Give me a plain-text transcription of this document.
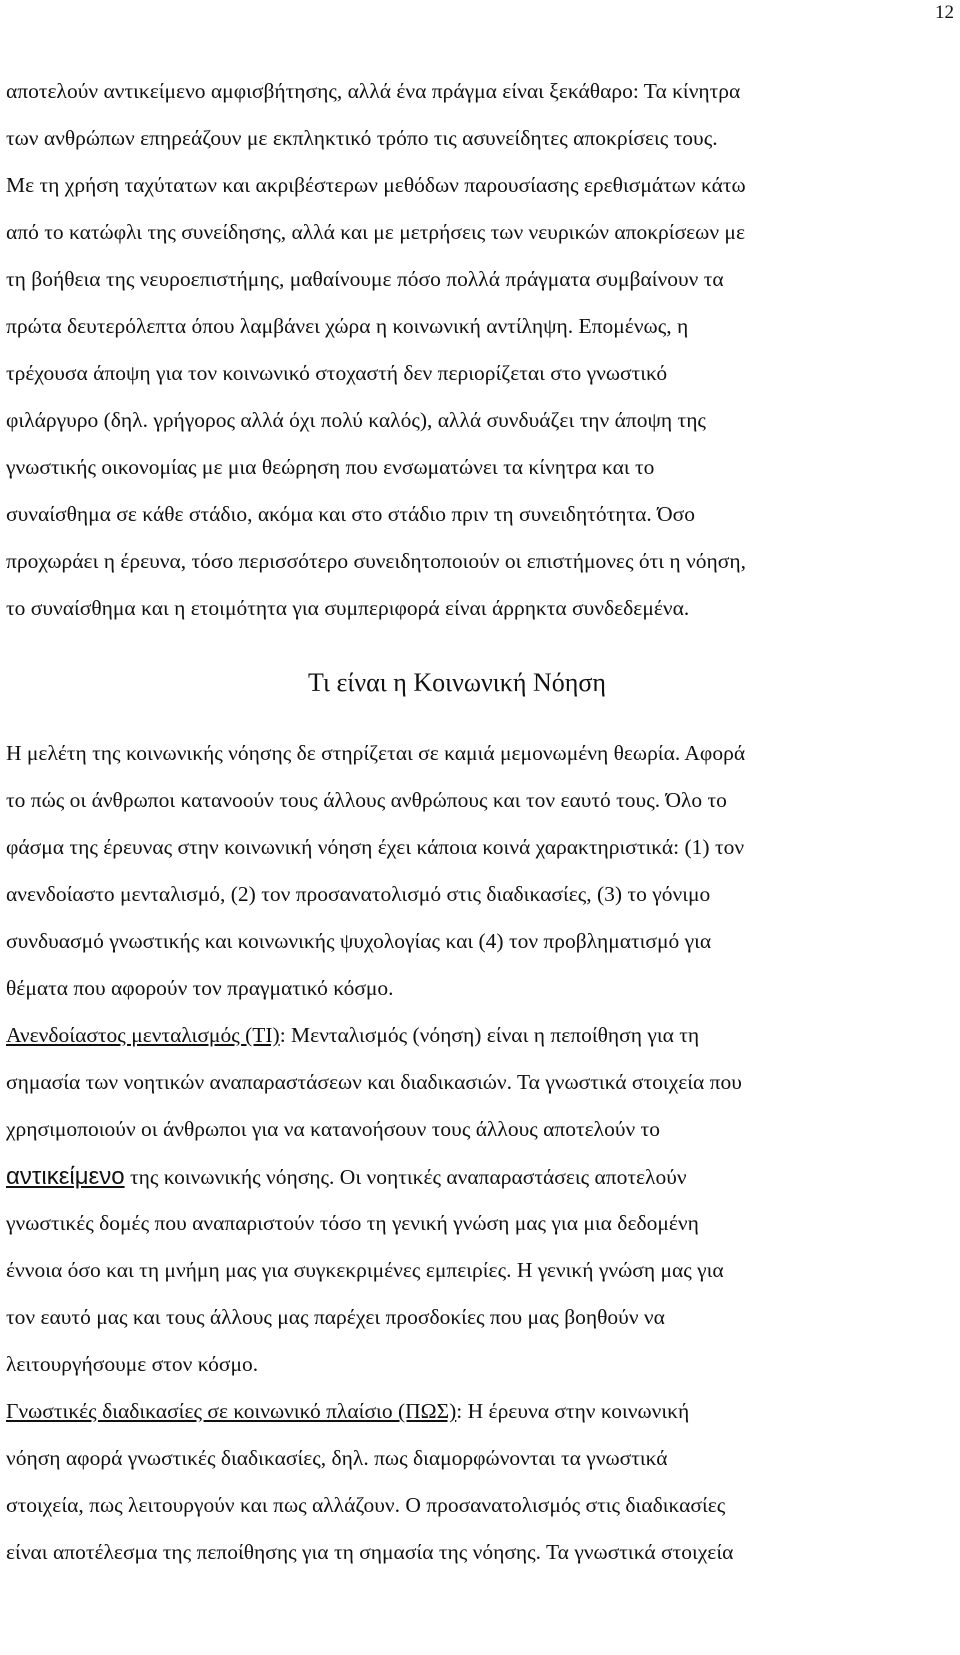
12
αποτελούν αντικείμενο αμφισβήτησης, αλλά ένα πράγμα είναι ξεκάθαρο: Τα κίνητρα
των ανθρώπων επηρεάζουν με εκπληκτικό τρόπο τις ασυνείδητες αποκρίσεις τους.
Με τη χρήση ταχύτατων και ακριβέστερων μεθόδων παρουσίασης ερεθισμάτων κάτω
από το κατώφλι της συνείδησης, αλλά και με μετρήσεις των νευρικών αποκρίσεων με
τη βοήθεια της νευροεπιστήμης, μαθαίνουμε πόσο πολλά πράγματα συμβαίνουν τα
πρώτα δευτερόλεπτα όπου λαμβάνει χώρα η κοινωνική αντίληψη. Επομένως, η
τρέχουσα άποψη για τον κοινωνικό στοχαστή δεν περιορίζεται στο γνωστικό
φιλάργυρο (δηλ. γρήγορος αλλά όχι πολύ καλός), αλλά συνδυάζει την άποψη της
γνωστικής οικονομίας με μια θεώρηση που ενσωματώνει τα κίνητρα και το
συναίσθημα σε κάθε στάδιο, ακόμα και στο στάδιο πριν τη συνειδητότητα. Όσο
προχωράει η έρευνα, τόσο περισσότερο συνειδητοποιούν οι επιστήμονες ότι η νόηση,
το συναίσθημα και η ετοιμότητα για συμπεριφορά είναι άρρηκτα συνδεδεμένα.
Τι είναι η Κοινωνική Νόηση
Η μελέτη της κοινωνικής νόησης δε στηρίζεται σε καμιά μεμονωμένη θεωρία. Αφορά
το πώς οι άνθρωποι κατανοούν τους άλλους ανθρώπους και τον εαυτό τους. Όλο το
φάσμα της έρευνας στην κοινωνική νόηση έχει κάποια κοινά χαρακτηριστικά: (1) τον
ανενδοίαστο μενταλισμό, (2) τον προσανατολισμό στις διαδικασίες, (3) το γόνιμο
συνδυασμό γνωστικής και κοινωνικής ψυχολογίας και (4) τον προβληματισμό για
θέματα που αφορούν τον πραγματικό κόσμο.
Ανενδοίαστος μενταλισμός (ΤΙ): Μενταλισμός (νόηση) είναι η πεποίθηση για τη
σημασία των νοητικών αναπαραστάσεων και διαδικασιών. Τα γνωστικά στοιχεία που
χρησιμοποιούν οι άνθρωποι για να κατανοήσουν τους άλλους αποτελούν το
αντικείμενο της κοινωνικής νόησης. Οι νοητικές αναπαραστάσεις αποτελούν
γνωστικές δομές που αναπαριστούν τόσο τη γενική γνώση μας για μια δεδομένη
έννοια όσο και τη μνήμη μας για συγκεκριμένες εμπειρίες. Η γενική γνώση μας για
τον εαυτό μας και τους άλλους μας παρέχει προσδοκίες που μας βοηθούν να
λειτουργήσουμε στον κόσμο.
Γνωστικές διαδικασίες σε κοινωνικό πλαίσιο (ΠΩΣ): Η έρευνα στην κοινωνική
νόηση αφορά γνωστικές διαδικασίες, δηλ. πως διαμορφώνονται τα γνωστικά
στοιχεία, πως λειτουργούν και πως αλλάζουν. Ο προσανατολισμός στις διαδικασίες
είναι αποτέλεσμα της πεποίθησης για τη σημασία της νόησης. Τα γνωστικά στοιχεία
